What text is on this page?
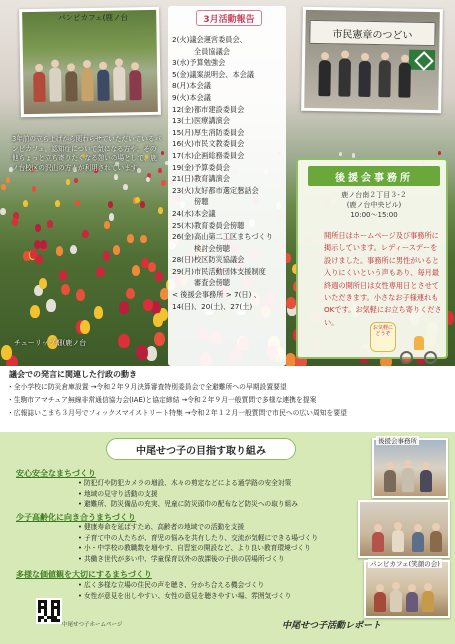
パンピカフェ(鹿ノ台
市民憲章のつどい
3年前の立ち上げから関わらせていただいているパンピカフェ。認知症について気になる方や、その他ちょっと立ち寄りたくなる憩いの場として、鹿ノ台校区の沢山の方々が利用されています。
チューリップ畑(鹿ノ台
3月活動報告
2(火)議会運営委員会、
全員協議会
3(水)予算勉強会
5(金)議案説明会、本会議
8(月)本会議
9(火)本会議
12(金)都市建設委員会
13(土)医療講演会
15(月)厚生消防委員会
16(火)市民文教委員会
17(水)企画総務委員会
19(金)予算委員会
21(日)教育講演会
23(火)友好都市選定懇話会
傍聴
24(水)本会議
25(木)教育委員会傍聴
26(金)高山第二工区まちづくり
検討会傍聴
28(日)校区防災協議会
29(月)市民活動団体支援制度
審査会傍聴
< 後援会事務所 > 7(日) 、
14(日)、20(土)、27(土)
後援会事務所
鹿ノ台南２丁目３-２
(鹿ノ台中央ビル)
10:00～15:00
開所日はホームページ及び事務所に掲示しています。レディースデーを設けました。事務所に男性がいると入りにくいという声もあり、毎月最終週の開所日は女性専用日とさせていただきます。小さなお子様連れもOKです。お気軽にお立ち寄りください。
お気軽にどうぞ
議会での発言に関連した行政の動き
・全小学校に防災倉庫設置 →令和２年９月決算審査特別委員会で全避難所への早期設置要望
・生駒市アマチュア無線非常通信協力会(IAE)と協定締結 →令和２年９月一般質問で多様な連携を提案
・広報誌いこまち３月号でフィックスマイストリート特集 →令和２年１２月一般質問で市民への広い周知を要望
中尾せつ子の目指す取り組み
安心安全なまちづくり
• 防犯灯や防犯カメラの増設、木々の剪定などによる通学路の安全対策
• 地域の見守り活動の支援
• 避難所、防災備品の充実、児童に防災頭巾の配布など防災への取り組み
少子高齢化に向き合うまちづくり
• 健康寿命を延ばすため、高齢者の地域での活動を支援
• 子育て中の人たちが、育児の悩みを共有したり、交流が気軽にできる場づくり
• 小・中学校の教職数を増やす、自習室の開設など、より良い教育環境づくり
• 共働き世代が多い中、学童保育以外の放課後の子供の居場所づくり
多様な価値観を大切にするまちづくり
• 広く多様な立場の住民の声を聴き、分かち合える機会づくり
• 女性が意見を出しやすい、女性の意見を聴きやすい場、雰囲気づくり
後援会事務所
パンピカフェ(笑顔の会)
中尾せつ子ホームページ	中尾せつ子活動レポート
